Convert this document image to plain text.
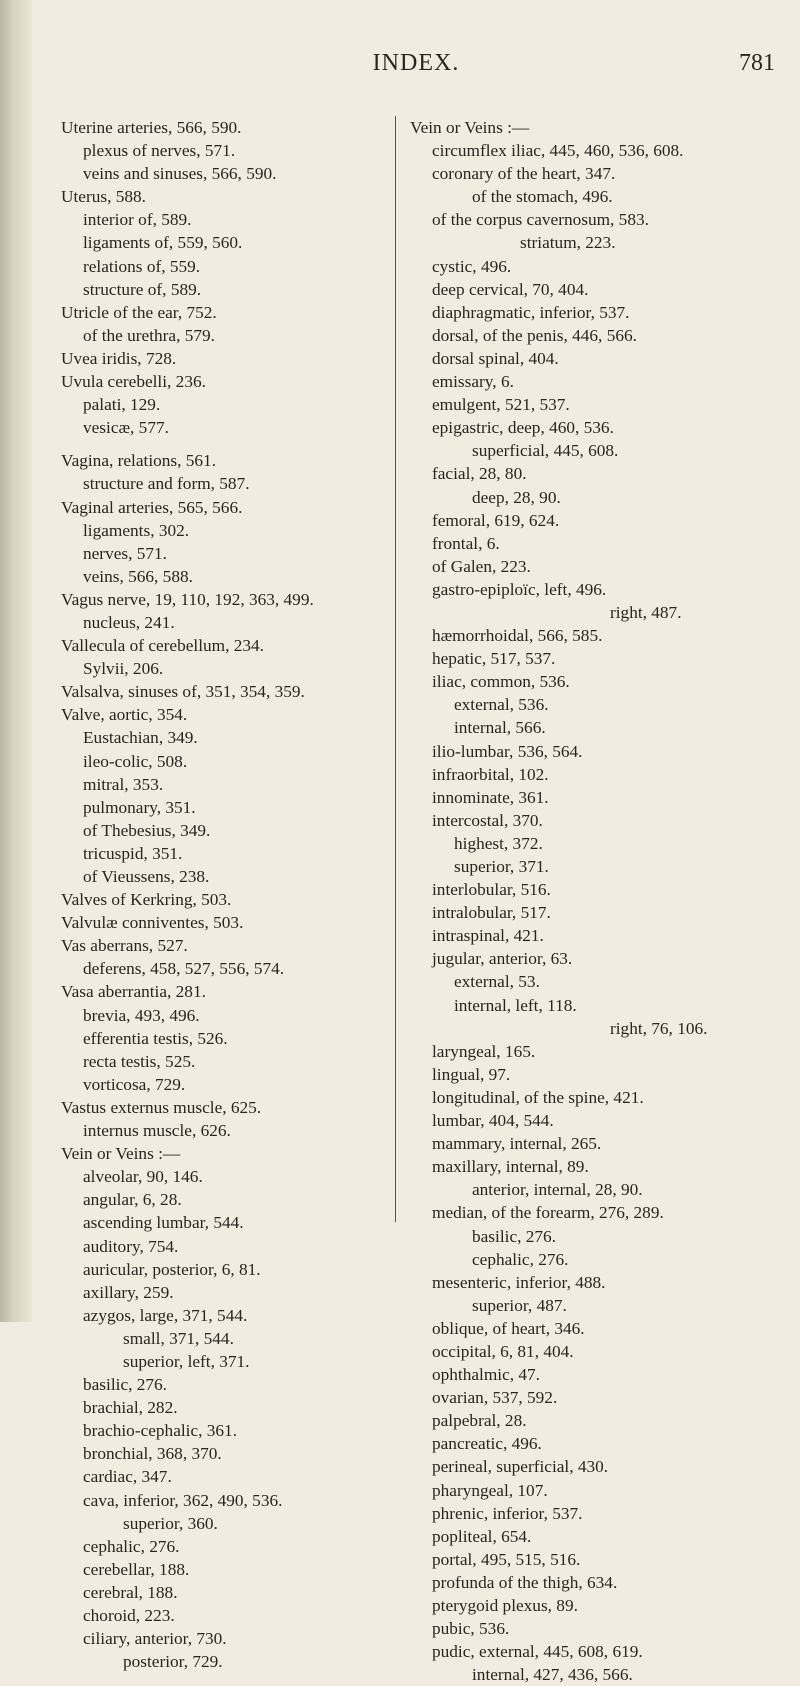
INDEX.	781
Uterine arteries, 566, 590.
plexus of nerves, 571.
veins and sinuses, 566, 590.
Uterus, 588.
interior of, 589.
ligaments of, 559, 560.
relations of, 559.
structure of, 589.
Utricle of the ear, 752.
of the urethra, 579.
Uvea iridis, 728.
Uvula cerebelli, 236.
palati, 129.
vesicæ, 577.
Vagina, relations, 561.
structure and form, 587.
Vaginal arteries, 565, 566.
ligaments, 302.
nerves, 571.
veins, 566, 588.
Vagus nerve, 19, 110, 192, 363, 499.
nucleus, 241.
Vallecula of cerebellum, 234.
Sylvii, 206.
Valsalva, sinuses of, 351, 354, 359.
Valve, aortic, 354.
Eustachian, 349.
ileo-colic, 508.
mitral, 353.
pulmonary, 351.
of Thebesius, 349.
tricuspid, 351.
of Vieussens, 238.
Valves of Kerkring, 503.
Valvulæ conniventes, 503.
Vas aberrans, 527.
deferens, 458, 527, 556, 574.
Vasa aberrantia, 281.
brevia, 493, 496.
efferentia testis, 526.
recta testis, 525.
vorticosa, 729.
Vastus externus muscle, 625.
internus muscle, 626.
Vein or Veins :—
alveolar, 90, 146.
angular, 6, 28.
ascending lumbar, 544.
auditory, 754.
auricular, posterior, 6, 81.
axillary, 259.
azygos, large, 371, 544.
small, 371, 544.
superior, left, 371.
basilic, 276.
brachial, 282.
brachio-cephalic, 361.
bronchial, 368, 370.
cardiac, 347.
cava, inferior, 362, 490, 536.
superior, 360.
cephalic, 276.
cerebellar, 188.
cerebral, 188.
choroid, 223.
ciliary, anterior, 730.
posterior, 729.
Vein or Veins :—
circumflex iliac, 445, 460, 536, 608.
coronary of the heart, 347.
of the stomach, 496.
of the corpus cavernosum, 583.
striatum, 223.
cystic, 496.
deep cervical, 70, 404.
diaphragmatic, inferior, 537.
dorsal, of the penis, 446, 566.
dorsal spinal, 404.
emissary, 6.
emulgent, 521, 537.
epigastric, deep, 460, 536.
superficial, 445, 608.
facial, 28, 80.
deep, 28, 90.
femoral, 619, 624.
frontal, 6.
of Galen, 223.
gastro-epiploïc, left, 496.
right, 487.
hæmorrhoidal, 566, 585.
hepatic, 517, 537.
iliac, common, 536.
external, 536.
internal, 566.
ilio-lumbar, 536, 564.
infraorbital, 102.
innominate, 361.
intercostal, 370.
highest, 372.
superior, 371.
interlobular, 516.
intralobular, 517.
intraspinal, 421.
jugular, anterior, 63.
external, 53.
internal, left, 118.
right, 76, 106.
laryngeal, 165.
lingual, 97.
longitudinal, of the spine, 421.
lumbar, 404, 544.
mammary, internal, 265.
maxillary, internal, 89.
anterior, internal, 28, 90.
median, of the forearm, 276, 289.
basilic, 276.
cephalic, 276.
mesenteric, inferior, 488.
superior, 487.
oblique, of heart, 346.
occipital, 6, 81, 404.
ophthalmic, 47.
ovarian, 537, 592.
palpebral, 28.
pancreatic, 496.
perineal, superficial, 430.
pharyngeal, 107.
phrenic, inferior, 537.
popliteal, 654.
portal, 495, 515, 516.
profunda of the thigh, 634.
pterygoid plexus, 89.
pubic, 536.
pudic, external, 445, 608, 619.
internal, 427, 436, 566.
